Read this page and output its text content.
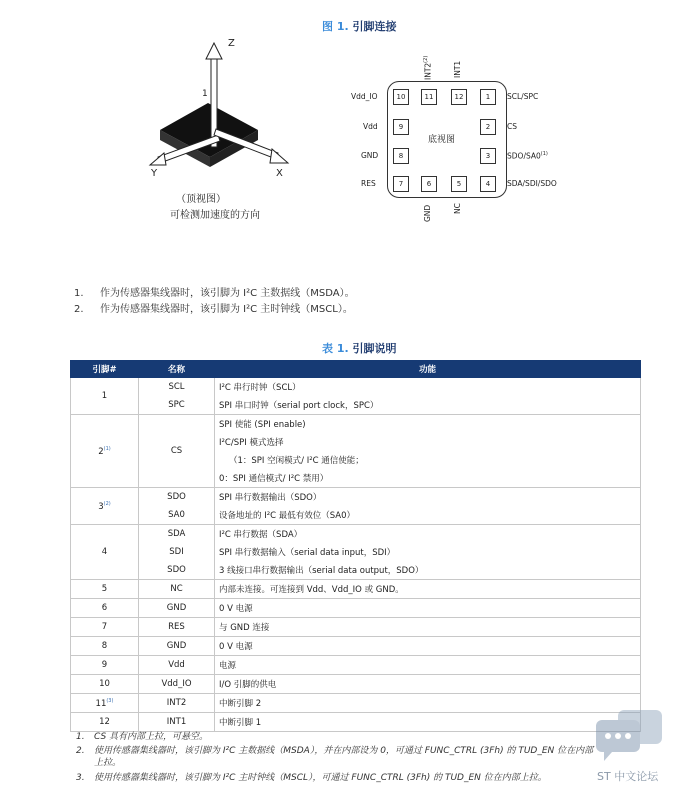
图 1. 引脚连接
Z
Y	X
1
（顶视图）
可检测加速度的方向
底视图
10	11	12	1
9	2
8	3
7	6	5	4
Vdd_IO
Vdd
GND
RES
SCL/SPC
CS
SDO/SA0$^{(1)}$
SDA/SDI/SDO
INT2$^{(2)}$
INT1
GND	NC
1. 作为传感器集线器时，该引脚为 I²C 主数据线（MSDA）。
2. 作为传感器集线器时，该引脚为 I²C 主时钟线（MSCL）。
表 1. 引脚说明
引脚#	名称	功能
1	SCL	I²C 串行时钟（SCL）
	SPC	SPI 串口时钟（serial port clock，SPC）
2$^{(1)}$	CS	SPI 使能 (SPI enable)
		I²C/SPI 模式选择
		（1：SPI 空闲模式/ I²C 通信使能；
		0：SPI 通信模式/ I²C 禁用）
3$^{(2)}$	SDO	SPI 串行数据输出（SDO）
	SA0	设备地址的 I²C 最低有效位（SA0）
4	SDA	I²C 串行数据（SDA）
	SDI	SPI 串行数据输入（serial data input，SDI）
	SDO	3 线接口串行数据输出（serial data output，SDO）
5	NC	内部未连接。可连接到 Vdd、Vdd_IO 或 GND。
6	GND	0 V 电源
7	RES	与 GND 连接
8	GND	0 V 电源
9	Vdd	电源
10	Vdd_IO	I/O 引脚的供电
11$^{(3)}$	INT2	中断引脚 2
12	INT1	中断引脚 1
1. CS 具有内部上拉，可悬空。
2. 使用传感器集线器时，该引脚为 I²C 主数据线（MSDA），并在内部设为 0，可通过 FUNC_CTRL (3Fh) 的 TUD_EN 位在内部
上拉。
3. 使用传感器集线器时，该引脚为 I²C 主时钟线（MSCL），可通过 FUNC_CTRL (3Fh) 的 TUD_EN 位在内部上拉。	ST 中文论坛
